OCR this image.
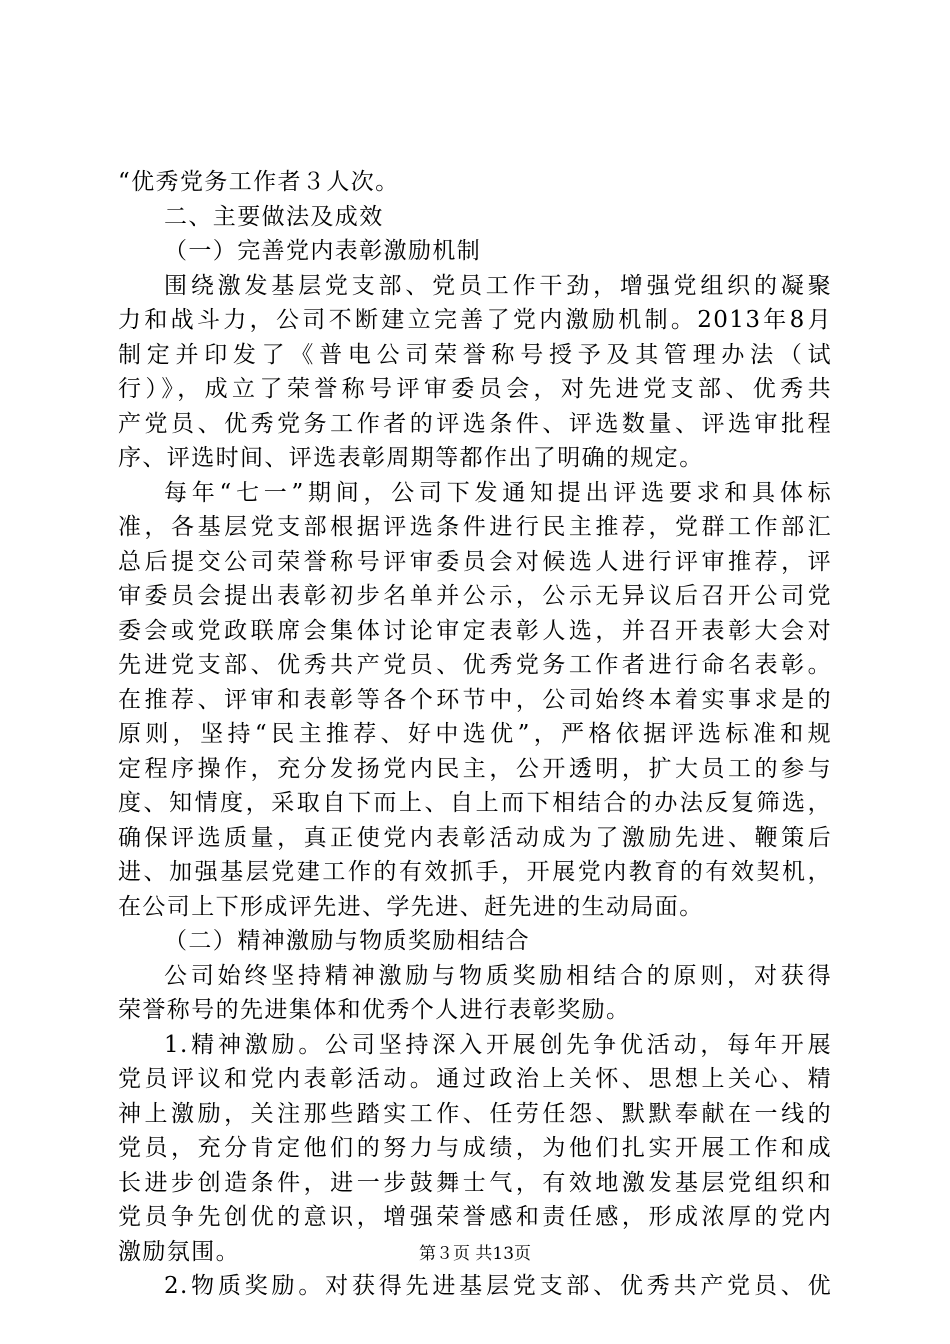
“优秀党务工作者３人次。
二、主要做法及成效
（一）完善党内表彰激励机制
围绕激发基层党支部、党员工作干劲，增强党组织的凝聚
力和战斗力，公司不断建立完善了党内激励机制。2013年8月
制定并印发了《普电公司荣誉称号授予及其管理办法（试
行）》，成立了荣誉称号评审委员会，对先进党支部、优秀共
产党员、优秀党务工作者的评选条件、评选数量、评选审批程
序、评选时间、评选表彰周期等都作出了明确的规定。
每年“七一”期间，公司下发通知提出评选要求和具体标
准，各基层党支部根据评选条件进行民主推荐，党群工作部汇
总后提交公司荣誉称号评审委员会对候选人进行评审推荐，评
审委员会提出表彰初步名单并公示，公示无异议后召开公司党
委会或党政联席会集体讨论审定表彰人选，并召开表彰大会对
先进党支部、优秀共产党员、优秀党务工作者进行命名表彰。
在推荐、评审和表彰等各个环节中，公司始终本着实事求是的
原则，坚持“民主推荐、好中选优”，严格依据评选标准和规
定程序操作，充分发扬党内民主，公开透明，扩大员工的参与
度、知情度，采取自下而上、自上而下相结合的办法反复筛选，
确保评选质量，真正使党内表彰活动成为了激励先进、鞭策后
进、加强基层党建工作的有效抓手，开展党内教育的有效契机，
在公司上下形成评先进、学先进、赶先进的生动局面。
（二）精神激励与物质奖励相结合
公司始终坚持精神激励与物质奖励相结合的原则，对获得
荣誉称号的先进集体和优秀个人进行表彰奖励。
1.精神激励。公司坚持深入开展创先争优活动，每年开展
党员评议和党内表彰活动。通过政治上关怀、思想上关心、精
神上激励，关注那些踏实工作、任劳任怨、默默奉献在一线的
党员，充分肯定他们的努力与成绩，为他们扎实开展工作和成
长进步创造条件，进一步鼓舞士气，有效地激发基层党组织和
党员争先创优的意识，增强荣誉感和责任感，形成浓厚的党内
激励氛围。
2.物质奖励。对获得先进基层党支部、优秀共产党员、优
第３页 共13页
